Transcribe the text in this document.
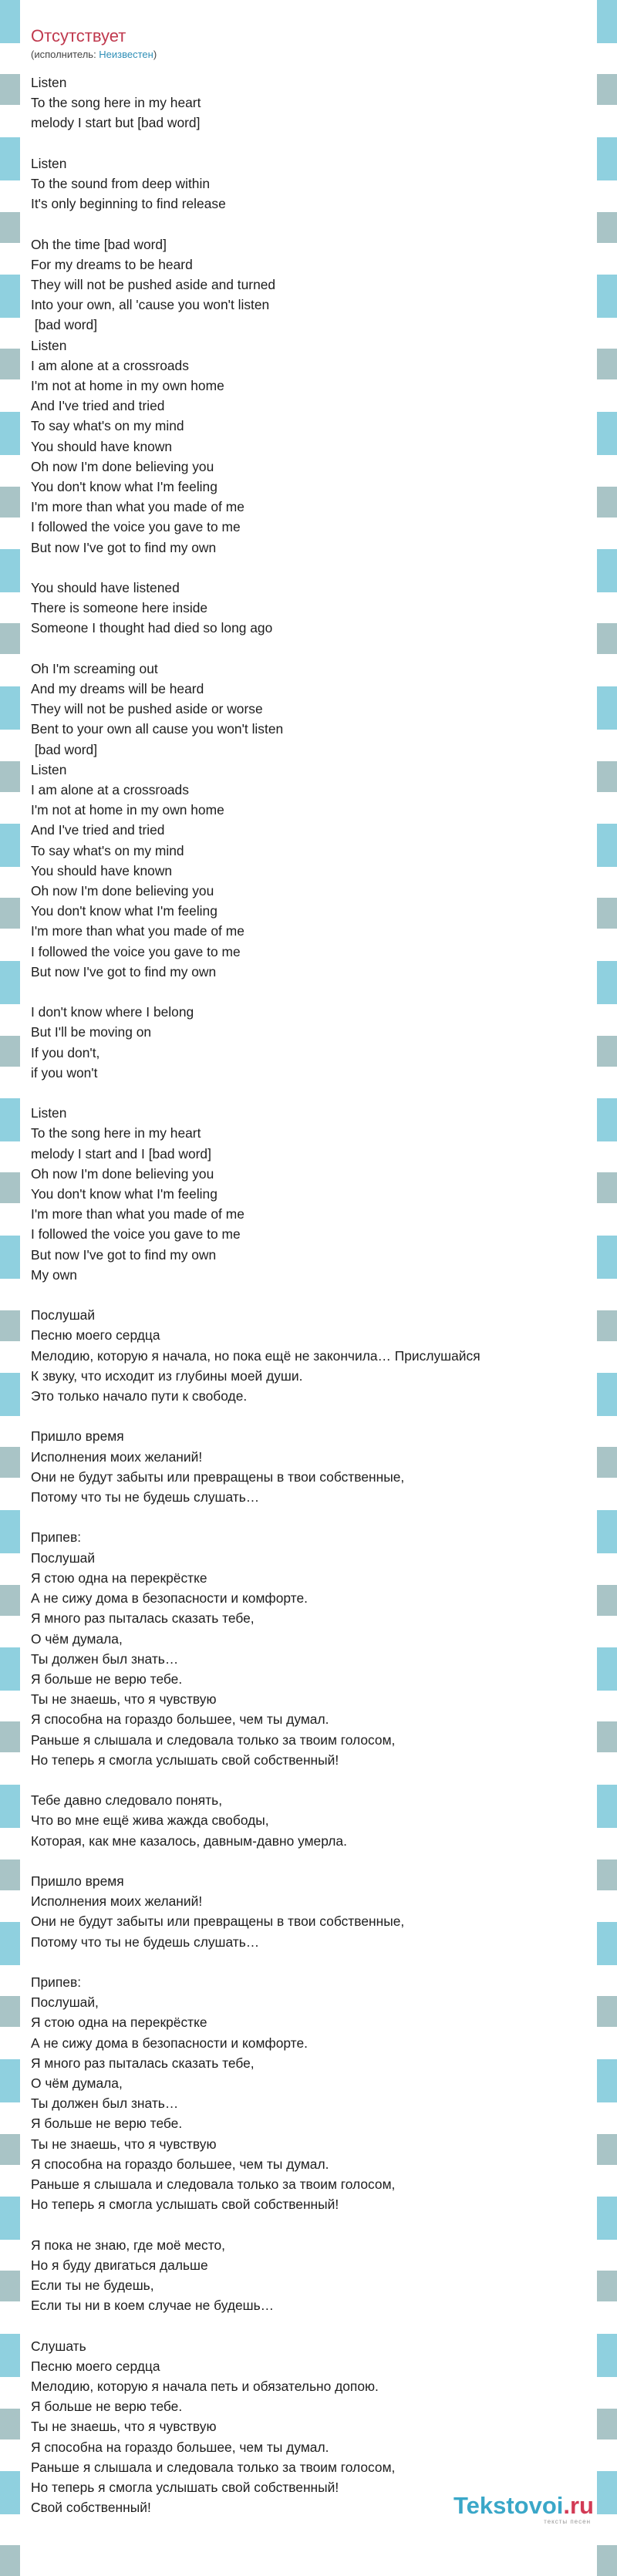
Отсутствует
(исполнитель: Неизвестен)
Listen
To the song here in my heart
melody I start but [bad word]
Listen
To the sound from deep within
It's only beginning to find release
Oh the time [bad word]
For my dreams to be heard
They will not be pushed aside and turned
Into your own, all 'cause you won't listen
[bad word]
Listen
I am alone at a crossroads
I'm not at home in my own home
And I've tried and tried
To say what's on my mind
You should have known
Oh now I'm done believing you
You don't know what I'm feeling
I'm more than what you made of me
I followed the voice you gave to me
But now I've got to find my own
You should have listened
There is someone here inside
Someone I thought had died so long ago
Oh I'm screaming out
And my dreams will be heard
They will not be pushed aside or worse
Bent to your own all cause you won't listen
[bad word]
Listen
I am alone at a crossroads
I'm not at home in my own home
And I've tried and tried
To say what's on my mind
You should have known
Oh now I'm done believing you
You don't know what I'm feeling
I'm more than what you made of me
I followed the voice you gave to me
But now I've got to find my own
I don't know where I belong
But I'll be moving on
If you don't,
if you won't
Listen
To the song here in my heart
melody I start and I [bad word]
Oh now I'm done believing you
You don't know what I'm feeling
I'm more than what you made of me
I followed the voice you gave to me
But now I've got to find my own
My own
Послушай
Песню моего сердца
Мелодию, которую я начала, но пока ещё не закончила… Прислушайся
К звуку, что исходит из глубины моей души.
Это только начало пути к свободе.
Пришло время
Исполнения моих желаний!
Они не будут забыты или превращены в твои собственные,
Потому что ты не будешь слушать…
Припев:
Послушай
Я стою одна на перекрёстке
А не сижу дома в безопасности и комфорте.
Я много раз пыталась сказать тебе,
О чём думала,
Ты должен был знать…
Я больше не верю тебе.
Ты не знаешь, что я чувствую
Я способна на гораздо большее, чем ты думал.
Раньше я слышала и следовала только за твоим голосом,
Но теперь я смогла услышать свой собственный!
Тебе давно следовало понять,
Что во мне ещё жива жажда свободы,
Которая, как мне казалось, давным-давно умерла.
Пришло время
Исполнения моих желаний!
Они не будут забыты или превращены в твои собственные,
Потому что ты не будешь слушать…
Припев:
Послушай,
Я стою одна на перекрёстке
А не сижу дома в безопасности и комфорте.
Я много раз пыталась сказать тебе,
О чём думала,
Ты должен был знать…
Я больше не верю тебе.
Ты не знаешь, что я чувствую
Я способна на гораздо большее, чем ты думал.
Раньше я слышала и следовала только за твоим голосом,
Но теперь я смогла услышать свой собственный!
Я пока не знаю, где моё место,
Но я буду двигаться дальше
Если ты не будешь,
Если ты ни в коем случае не будешь…
Слушать
Песню моего сердца
Мелодию, которую я начала петь и обязательно допою.
Я больше не верю тебе.
Ты не знаешь, что я чувствую
Я способна на гораздо большее, чем ты думал.
Раньше я слышала и следовала только за твоим голосом,
Но теперь я смогла услышать свой собственный!
Свой собственный!	Tekstovoi.ru
тексты песен
